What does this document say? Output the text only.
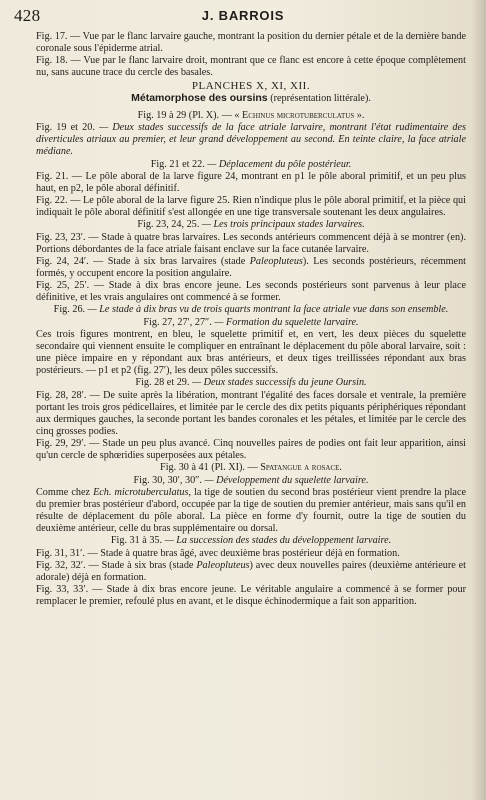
428	J. BARROIS

Fig. 17. — Vue par le flanc larvaire gauche, montrant la position du dernier pétale et de la dernière bande coronale sous l'épiderme atrial.

Fig. 18. — Vue par le flanc larvaire droit, montrant que ce flanc est encore à cette époque complètement nu, sans aucune trace du cercle des basales.

PLANCHES X, XI, XII.

Métamorphose des oursins (représentation littérale).

Fig. 19 à 29 (Pl. X). — « Echinus microtuberculatus ».

Fig. 19 et 20. — Deux stades successifs de la face atriale larvaire, montrant l'état rudimentaire des diverticules atriaux au premier, et leur grand développement au second. En teinte claire, la face atriale médiane.

Fig. 21 et 22. — Déplacement du pôle postérieur.

Fig. 21. — Le pôle aboral de la larve figure 24, montrant en p1 le pôle aboral primitif, et un peu plus haut, en p2, le pôle aboral définitif.

Fig. 22. — Le pôle aboral de la larve figure 25. Rien n'indique plus le pôle aboral primitif, et la pièce qui indiquait le pôle aboral définitif s'est allongée en une tige transversale soutenant les deux angulaires.

Fig. 23, 24, 25. — Les trois principaux stades larvaires.

Fig. 23, 23′. — Stade à quatre bras larvaires. Les seconds antérieurs commencent déjà à se montrer (en). Portions débordantes de la face atriale faisant enclave sur la face cutanée larvaire.

Fig. 24, 24′. — Stade à six bras larvaires (stade Paleopluteus). Les seconds postérieurs, récemment formés, y occupent encore la position angulaire.

Fig. 25, 25′. — Stade à dix bras encore jeune. Les seconds postérieurs sont parvenus à leur place définitive, et les vrais angulaires ont commencé à se former.

Fig. 26. — Le stade à dix bras vu de trois quarts montrant la face atriale vue dans son ensemble.

Fig. 27, 27′, 27″. — Formation du squelette larvaire.

Ces trois figures montrent, en bleu, le squelette primitif et, en vert, les deux pièces du squelette secondaire qui viennent ensuite le compliquer en entraînant le déplacement du pôle aboral larvaire, soit : une pièce impaire en y répondant aux bras antérieurs, et deux tiges treillissées répondant aux bras postérieurs. — p1 et p2 (fig. 27′), les deux pôles successifs.

Fig. 28 et 29. — Deux stades successifs du jeune Oursin.

Fig. 28, 28′. — De suite après la libération, montrant l'égalité des faces dorsale et ventrale, la première portant les trois gros pédicellaires, et limitée par le cercle des dix petits piquants périphériques répondant aux dermiques gauches, la seconde portant les bandes coronales et les pétales, et limitée par le cercle des cinq grosses podies.

Fig. 29, 29′. — Stade un peu plus avancé. Cinq nouvelles paires de podies ont fait leur apparition, ainsi qu'un cercle de sphœridies superposées aux pétales.

Fig. 30 à 41 (Pl. XI). — Spatangue a rosace.

Fig. 30, 30′, 30″. — Développement du squelette larvaire.

Comme chez Ech. microtuberculatus, la tige de soutien du second bras postérieur vient prendre la place du premier bras postérieur d'abord, occupée par la tige de soutien du premier antérieur, mais sans qu'il en résulte de déplacement du pôle aboral. La pièce en forme d'y fournit, outre la tige de soutien du deuxième antérieur, celle du bras supplémentaire ou dorsal.

Fig. 31 à 35. — La succession des stades du développement larvaire.

Fig. 31, 31′. — Stade à quatre bras âgé, avec deuxième bras postérieur déjà en formation.

Fig. 32, 32′. — Stade à six bras (stade Paleopluteus) avec deux nouvelles paires (deuxième antérieure et adorale) déjà en formation.

Fig. 33, 33′. — Stade à dix bras encore jeune. Le véritable angulaire a commencé à se former pour remplacer le premier, refoulé plus en avant, et le disque échinodermique a fait son apparition.
